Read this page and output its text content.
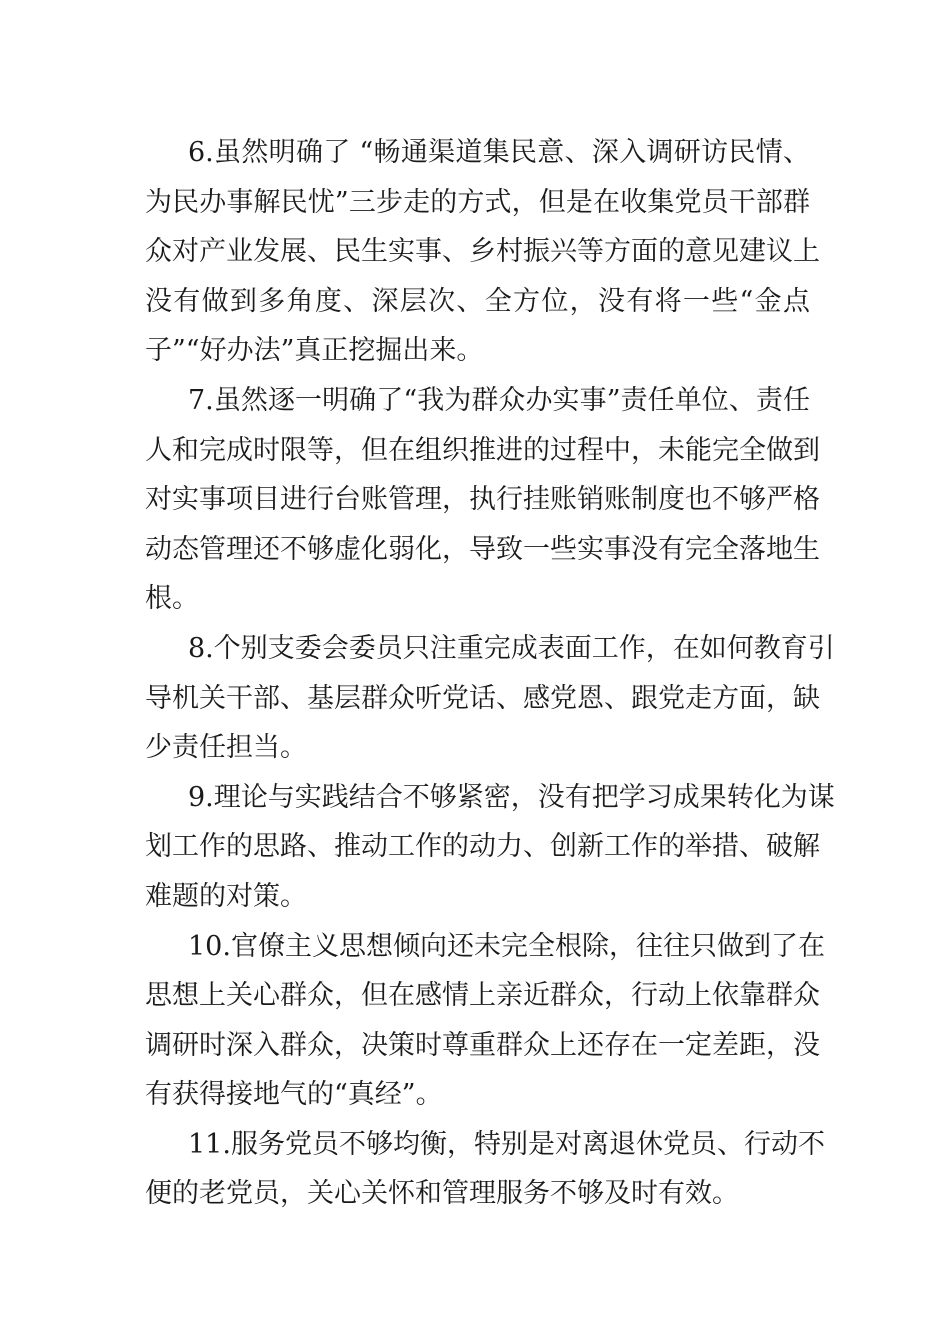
6.虽然明确了 “畅通渠道集民意、深入调研访民情、
为民办事解民忧”三步走的方式，但是在收集党员干部群
众对产业发展、民生实事、乡村振兴等方面的意见建议上
没有做到多角度、深层次、全方位，没有将一些“金点
子”“好办法”真正挖掘出来。

7.虽然逐一明确了“我为群众办实事”责任单位、责任
人和完成时限等，但在组织推进的过程中，未能完全做到
对实事项目进行台账管理，执行挂账销账制度也不够严格
动态管理还不够虚化弱化，导致一些实事没有完全落地生
根。

8.个别支委会委员只注重完成表面工作，在如何教育引
导机关干部、基层群众听党话、感党恩、跟党走方面，缺
少责任担当。

9.理论与实践结合不够紧密，没有把学习成果转化为谋
划工作的思路、推动工作的动力、创新工作的举措、破解
难题的对策。

10.官僚主义思想倾向还未完全根除，往往只做到了在
思想上关心群众，但在感情上亲近群众，行动上依靠群众
调研时深入群众，决策时尊重群众上还存在一定差距，没
有获得接地气的“真经”。

11.服务党员不够均衡，特别是对离退休党员、行动不
便的老党员，关心关怀和管理服务不够及时有效。
